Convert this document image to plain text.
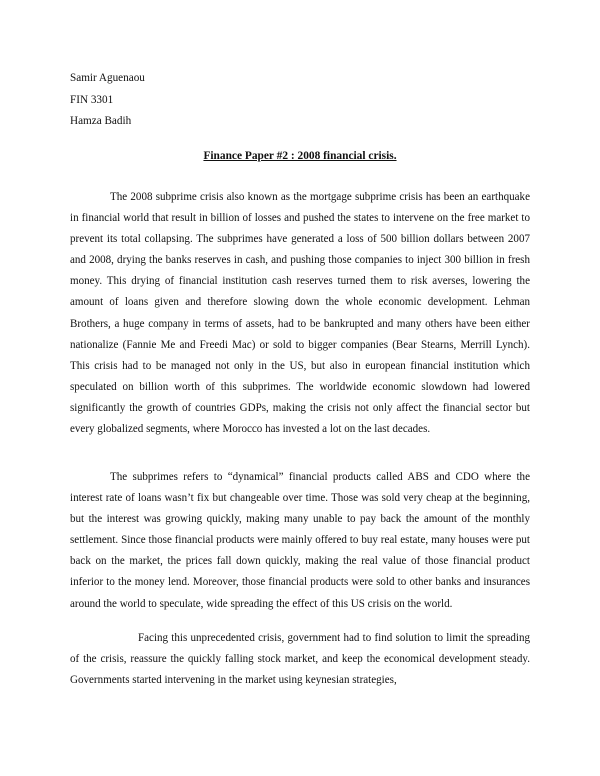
Samir Aguenaou
FIN 3301
Hamza Badih
Finance Paper #2 : 2008 financial crisis.

The 2008 subprime crisis also known as the mortgage subprime crisis has been an earthquake in financial world that result in billion of losses and pushed the states to intervene on the free market to prevent its total collapsing. The subprimes have generated a loss of 500 billion dollars between 2007 and 2008, drying the banks reserves in cash, and pushing those companies to inject 300 billion in fresh money. This drying of financial institution cash reserves turned them to risk averses, lowering the amount of loans given and therefore slowing down the whole economic development. Lehman Brothers, a huge company in terms of assets, had to be bankrupted and many others have been either nationalize (Fannie Me and Freedi Mac) or sold to bigger companies (Bear Stearns, Merrill Lynch). This crisis had to be managed not only in the US, but also in european financial institution which speculated on billion worth of this subprimes. The worldwide economic slowdown had lowered significantly the growth of countries GDPs, making the crisis not only affect the financial sector but every globalized segments, where Morocco has invested a lot on the last decades.

The subprimes refers to “dynamical” financial products called ABS and CDO where the interest rate of loans wasn’t fix but changeable over time. Those was sold very cheap at the beginning, but the interest was growing quickly, making many unable to pay back the amount of the monthly settlement. Since those financial products were mainly offered to buy real estate, many houses were put back on the market, the prices fall down quickly, making the real value of those financial product inferior to the money lend. Moreover, those financial products were sold to other banks and insurances around the world to speculate, wide spreading the effect of this US crisis on the world.

Facing this unprecedented crisis, government had to find solution to limit the spreading of the crisis, reassure the quickly falling stock market, and keep the economical development steady. Governments started intervening in the market using keynesian strategies,
